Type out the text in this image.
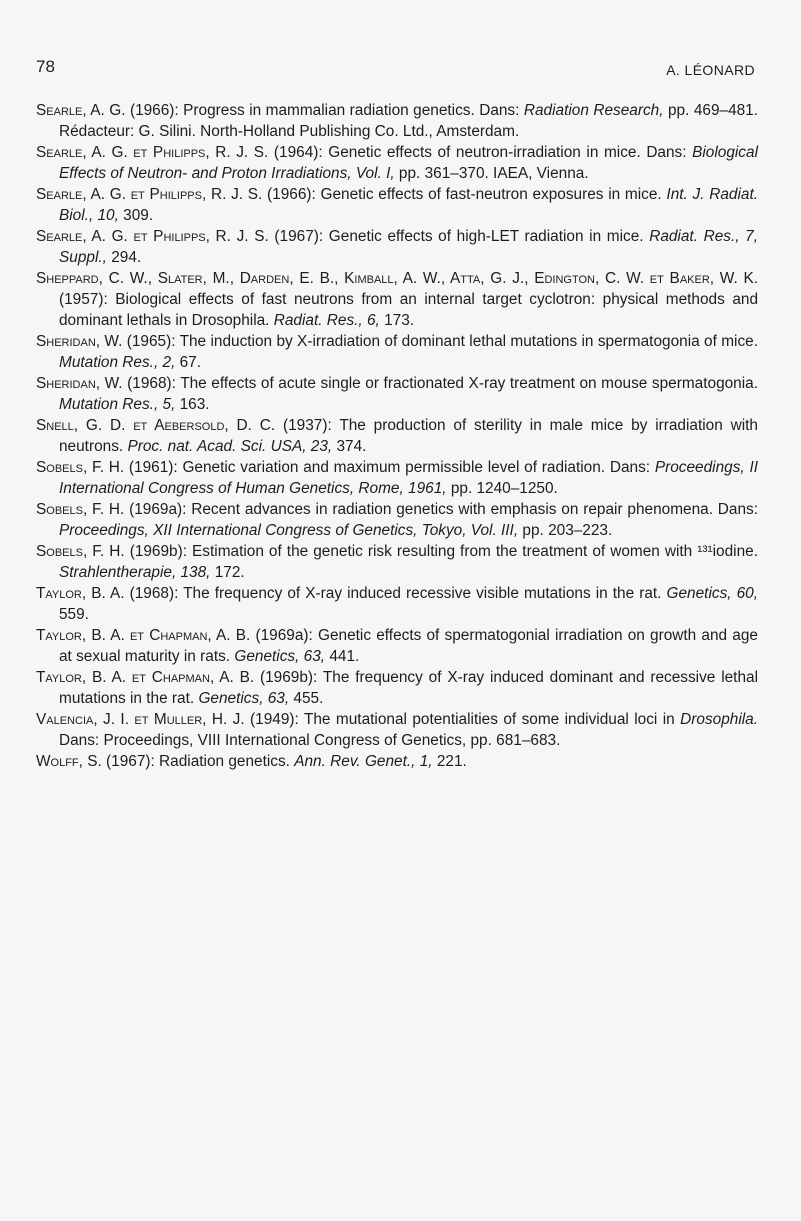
78	A. LÉONARD
Searle, A. G. (1966): Progress in mammalian radiation genetics. Dans: Radiation Research, pp. 469–481. Rédacteur: G. Silini. North-Holland Publishing Co. Ltd., Amsterdam.
Searle, A. G. et Philipps, R. J. S. (1964): Genetic effects of neutron-irradiation in mice. Dans: Biological Effects of Neutron- and Proton Irradiations, Vol. I, pp. 361–370. IAEA, Vienna.
Searle, A. G. et Philipps, R. J. S. (1966): Genetic effects of fast-neutron exposures in mice. Int. J. Radiat. Biol., 10, 309.
Searle, A. G. et Philipps, R. J. S. (1967): Genetic effects of high-LET radiation in mice. Radiat. Res., 7, Suppl., 294.
Sheppard, C. W., Slater, M., Darden, E. B., Kimball, A. W., Atta, G. J., Edington, C. W. et Baker, W. K. (1957): Biological effects of fast neutrons from an internal target cyclotron: physical methods and dominant lethals in Drosophila. Radiat. Res., 6, 173.
Sheridan, W. (1965): The induction by X-irradiation of dominant lethal mutations in spermatogonia of mice. Mutation Res., 2, 67.
Sheridan, W. (1968): The effects of acute single or fractionated X-ray treatment on mouse spermatogonia. Mutation Res., 5, 163.
Snell, G. D. et Aebersold, D. C. (1937): The production of sterility in male mice by irradiation with neutrons. Proc. nat. Acad. Sci. USA, 23, 374.
Sobels, F. H. (1961): Genetic variation and maximum permissible level of radiation. Dans: Proceedings, II International Congress of Human Genetics, Rome, 1961, pp. 1240–1250.
Sobels, F. H. (1969a): Recent advances in radiation genetics with emphasis on repair phenomena. Dans: Proceedings, XII International Congress of Genetics, Tokyo, Vol. III, pp. 203–223.
Sobels, F. H. (1969b): Estimation of the genetic risk resulting from the treatment of women with ¹³¹iodine. Strahlentherapie, 138, 172.
Taylor, B. A. (1968): The frequency of X-ray induced recessive visible mutations in the rat. Genetics, 60, 559.
Taylor, B. A. et Chapman, A. B. (1969a): Genetic effects of spermatogonial irradiation on growth and age at sexual maturity in rats. Genetics, 63, 441.
Taylor, B. A. et Chapman, A. B. (1969b): The frequency of X-ray induced dominant and recessive lethal mutations in the rat. Genetics, 63, 455.
Valencia, J. I. et Muller, H. J. (1949): The mutational potentialities of some individual loci in Drosophila. Dans: Proceedings, VIII International Congress of Genetics, pp. 681–683.
Wolff, S. (1967): Radiation genetics. Ann. Rev. Genet., 1, 221.
